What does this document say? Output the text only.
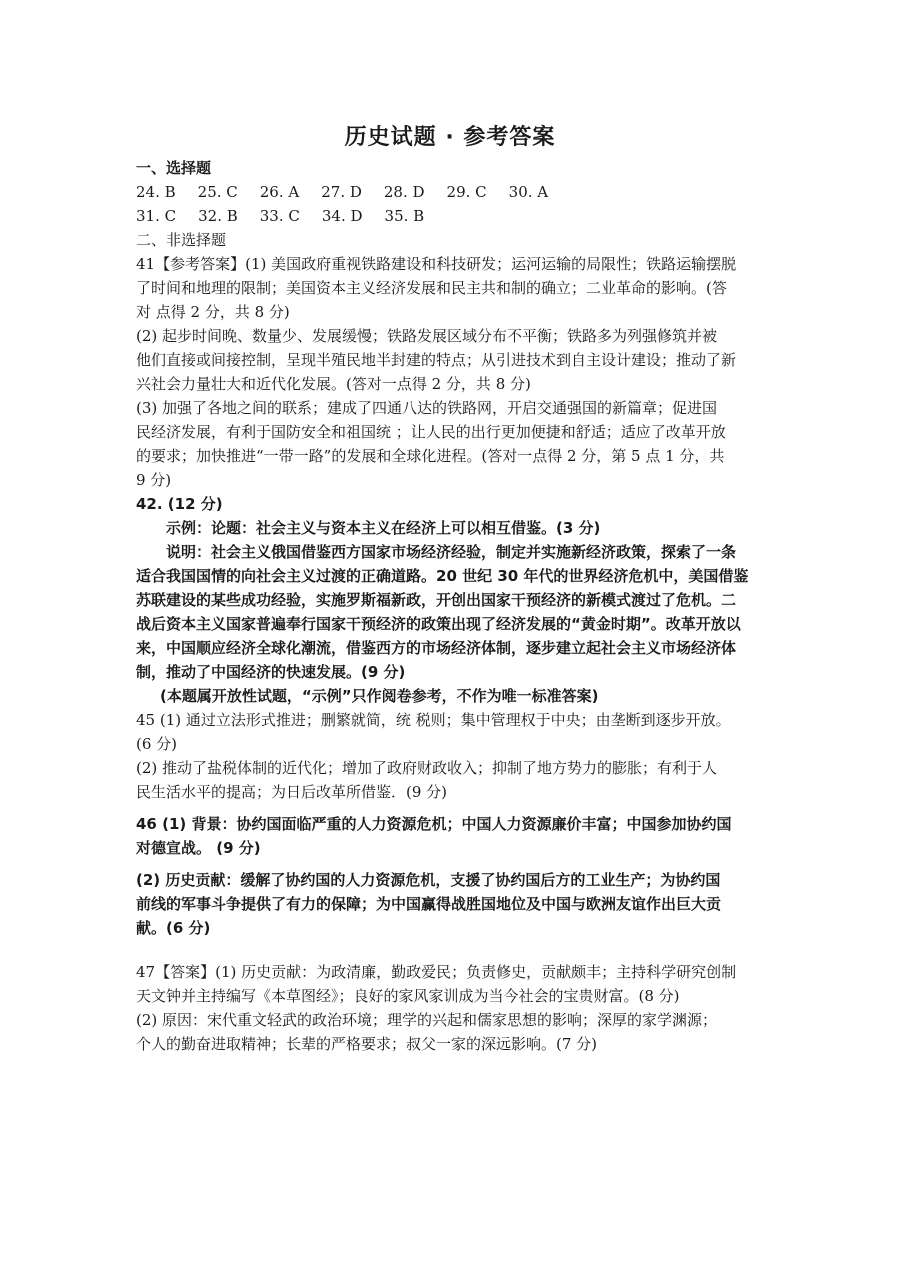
历史试题 · 参考答案
一、选择题
24. B 25. C 26. A 27. D 28. D 29. C 30. A
31. C 32. B 33. C 34. D 35. B
二、非选择题
41【参考答案】(1) 美国政府重视铁路建设和科技研发；运河运输的局限性；铁路运输摆脱
了时间和地理的限制；美国资本主义经济发展和民主共和制的确立；二业革命的影响。(答
对 点得 2 分，共 8 分)
(2) 起步时间晚、数量少、发展缓慢；铁路发展区域分布不平衡；铁路多为列强修筑并被
他们直接或间接控制，呈现半殖民地半封建的特点；从引进技术到自主设计建设；推动了新
兴社会力量壮大和近代化发展。(答对一点得 2 分，共 8 分)
(3) 加强了各地之间的联系；建成了四通八达的铁路网，开启交通强国的新篇章；促进国
民经济发展，有利于国防安全和祖国统 ；让人民的出行更加便捷和舒适；适应了改革开放
的要求；加快推进“一带一路”的发展和全球化进程。(答对一点得 2 分，第 5 点 1 分，共
9 分)
42. (12 分)
示例：论题：社会主义与资本主义在经济上可以相互借鉴。(3 分)
说明：社会主义俄国借鉴西方国家市场经济经验，制定并实施新经济政策，探索了一条
适合我国国情的向社会主义过渡的正确道路。20 世纪 30 年代的世界经济危机中，美国借鉴
苏联建设的某些成功经验，实施罗斯福新政，开创出国家干预经济的新模式渡过了危机。二
战后资本主义国家普遍奉行国家干预经济的政策出现了经济发展的“黄金时期”。改革开放以
来，中国顺应经济全球化潮流，借鉴西方的市场经济体制，逐步建立起社会主义市场经济体
制，推动了中国经济的快速发展。(9 分)
(本题属开放性试题，“示例”只作阅卷参考，不作为唯一标准答案)
45 (1) 通过立法形式推进；删繁就简，统 税则；集中管理权于中央；由垄断到逐步开放。
(6 分)
(2) 推动了盐税体制的近代化；增加了政府财政收入；抑制了地方势力的膨胀；有利于人
民生活水平的提高；为日后改革所借鉴．(9 分)
46 (1) 背景：协约国面临严重的人力资源危机；中国人力资源廉价丰富；中国参加协约国
对德宣战。 (9 分)
(2) 历史贡献：缓解了协约国的人力资源危机，支援了协约国后方的工业生产；为协约国
前线的军事斗争提供了有力的保障；为中国赢得战胜国地位及中国与欧洲友谊作出巨大贡
献。(6 分)
47【答案】(1) 历史贡献：为政清廉，勤政爱民；负责修史，贡献颇丰；主持科学研究创制
天文钟并主持编写《本草图经》；良好的家风家训成为当今社会的宝贵财富。(8 分)
(2) 原因：宋代重文轻武的政治环境；理学的兴起和儒家思想的影响；深厚的家学渊源；
个人的勤奋进取精神；长辈的严格要求；叔父一家的深远影响。(7 分)
